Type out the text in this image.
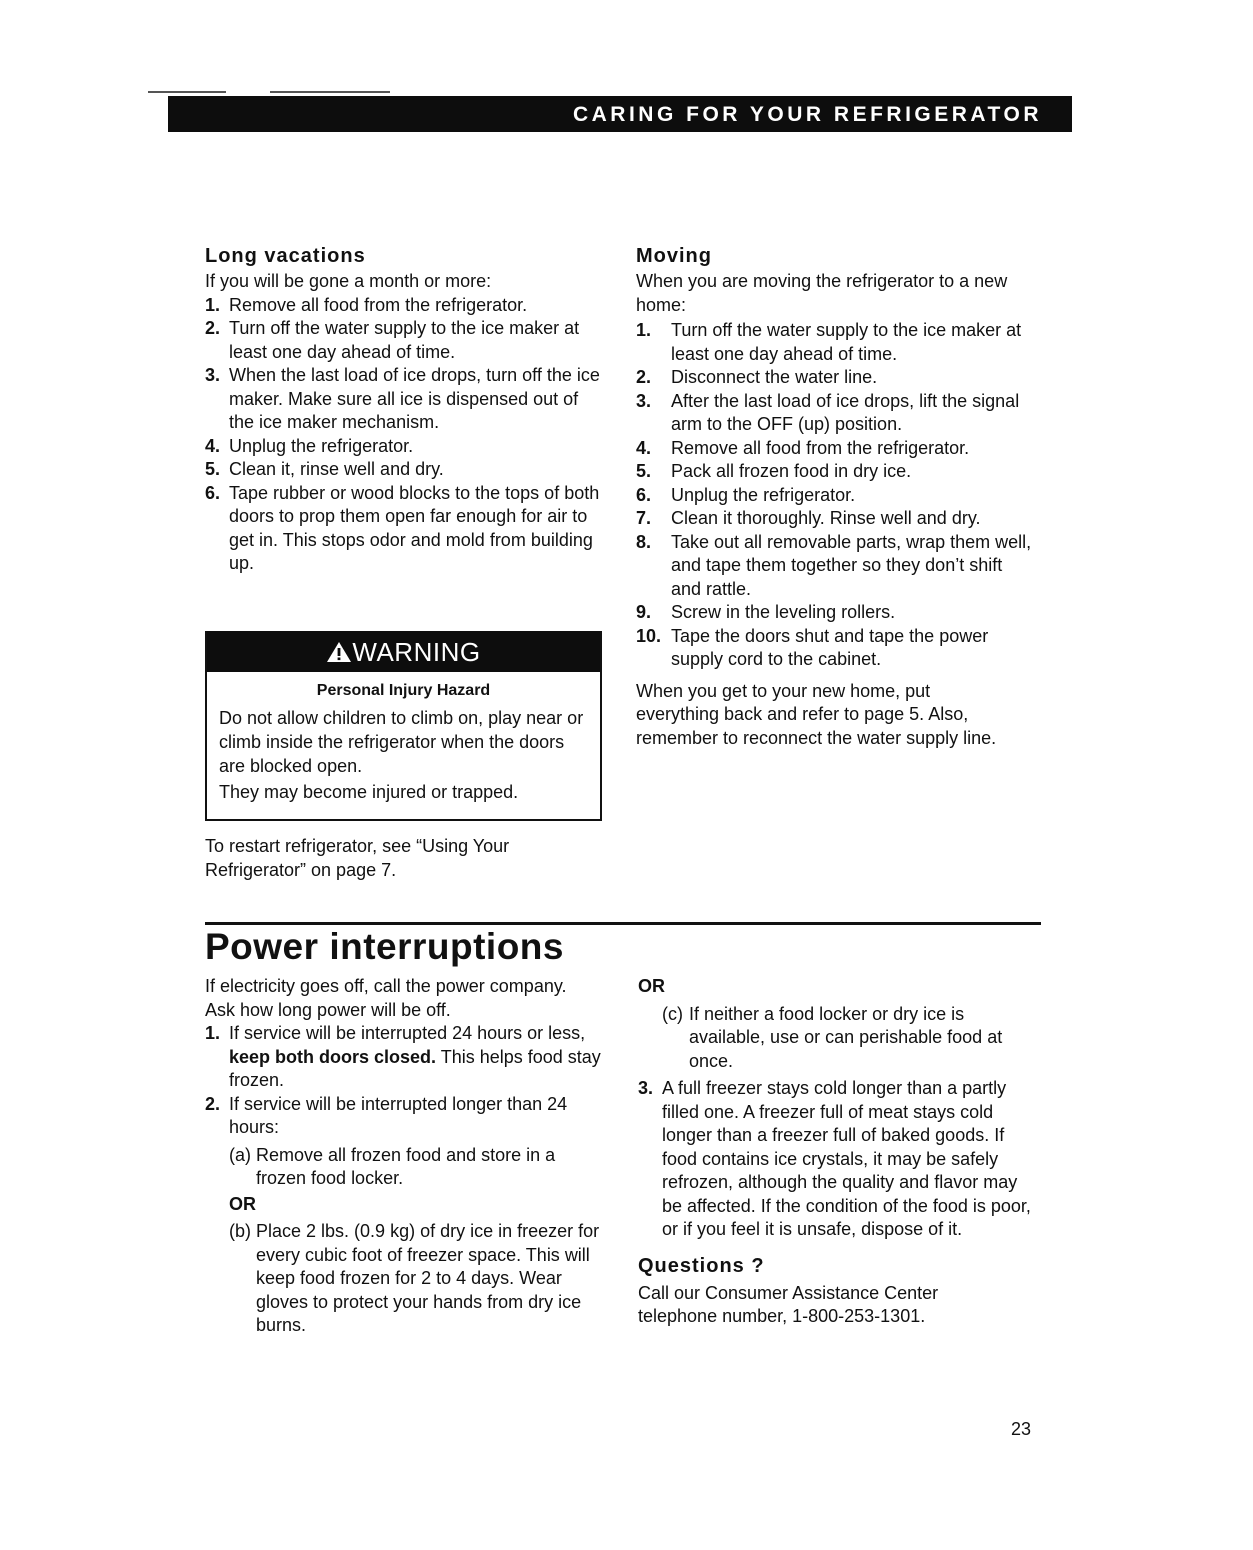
CARING FOR YOUR REFRIGERATOR
Long vacations
If you will be gone a month or more:
1. Remove all food from the refrigerator.
2. Turn off the water supply to the ice maker at least one day ahead of time.
3. When the last load of ice drops, turn off the ice maker. Make sure all ice is dispensed out of the ice maker mechanism.
4. Unplug the refrigerator.
5. Clean it, rinse well and dry.
6. Tape rubber or wood blocks to the tops of both doors to prop them open far enough for air to get in. This stops odor and mold from building up.
WARNING
Personal Injury Hazard
Do not allow children to climb on, play near or climb inside the refrigerator when the doors are blocked open.
They may become injured or trapped.
To restart refrigerator, see “Using Your Refrigerator” on page 7.
Moving
When you are moving the refrigerator to a new home:
1. Turn off the water supply to the ice maker at least one day ahead of time.
2. Disconnect the water line.
3. After the last load of ice drops, lift the signal arm to the OFF (up) position.
4. Remove all food from the refrigerator.
5. Pack all frozen food in dry ice.
6. Unplug the refrigerator.
7. Clean it thoroughly. Rinse well and dry.
8. Take out all removable parts, wrap them well, and tape them together so they don’t shift and rattle.
9. Screw in the leveling rollers.
10. Tape the doors shut and tape the power supply cord to the cabinet.
When you get to your new home, put everything back and refer to page 5. Also, remember to reconnect the water supply line.
Power interruptions
If electricity goes off, call the power company. Ask how long power will be off.
1. If service will be interrupted 24 hours or less, keep both doors closed. This helps food stay frozen.
2. If service will be interrupted longer than 24 hours:
(a) Remove all frozen food and store in a frozen food locker.
OR
(b) Place 2 lbs. (0.9 kg) of dry ice in freezer for every cubic foot of freezer space. This will keep food frozen for 2 to 4 days. Wear gloves to protect your hands from dry ice burns.
OR
(c) If neither a food locker or dry ice is available, use or can perishable food at once.
3. A full freezer stays cold longer than a partly filled one. A freezer full of meat stays cold longer than a freezer full of baked goods. If food contains ice crystals, it may be safely refrozen, although the quality and flavor may be affected. If the condition of the food is poor, or if you feel it is unsafe, dispose of it.
Questions ?
Call our Consumer Assistance Center telephone number, 1-800-253-1301.
23
